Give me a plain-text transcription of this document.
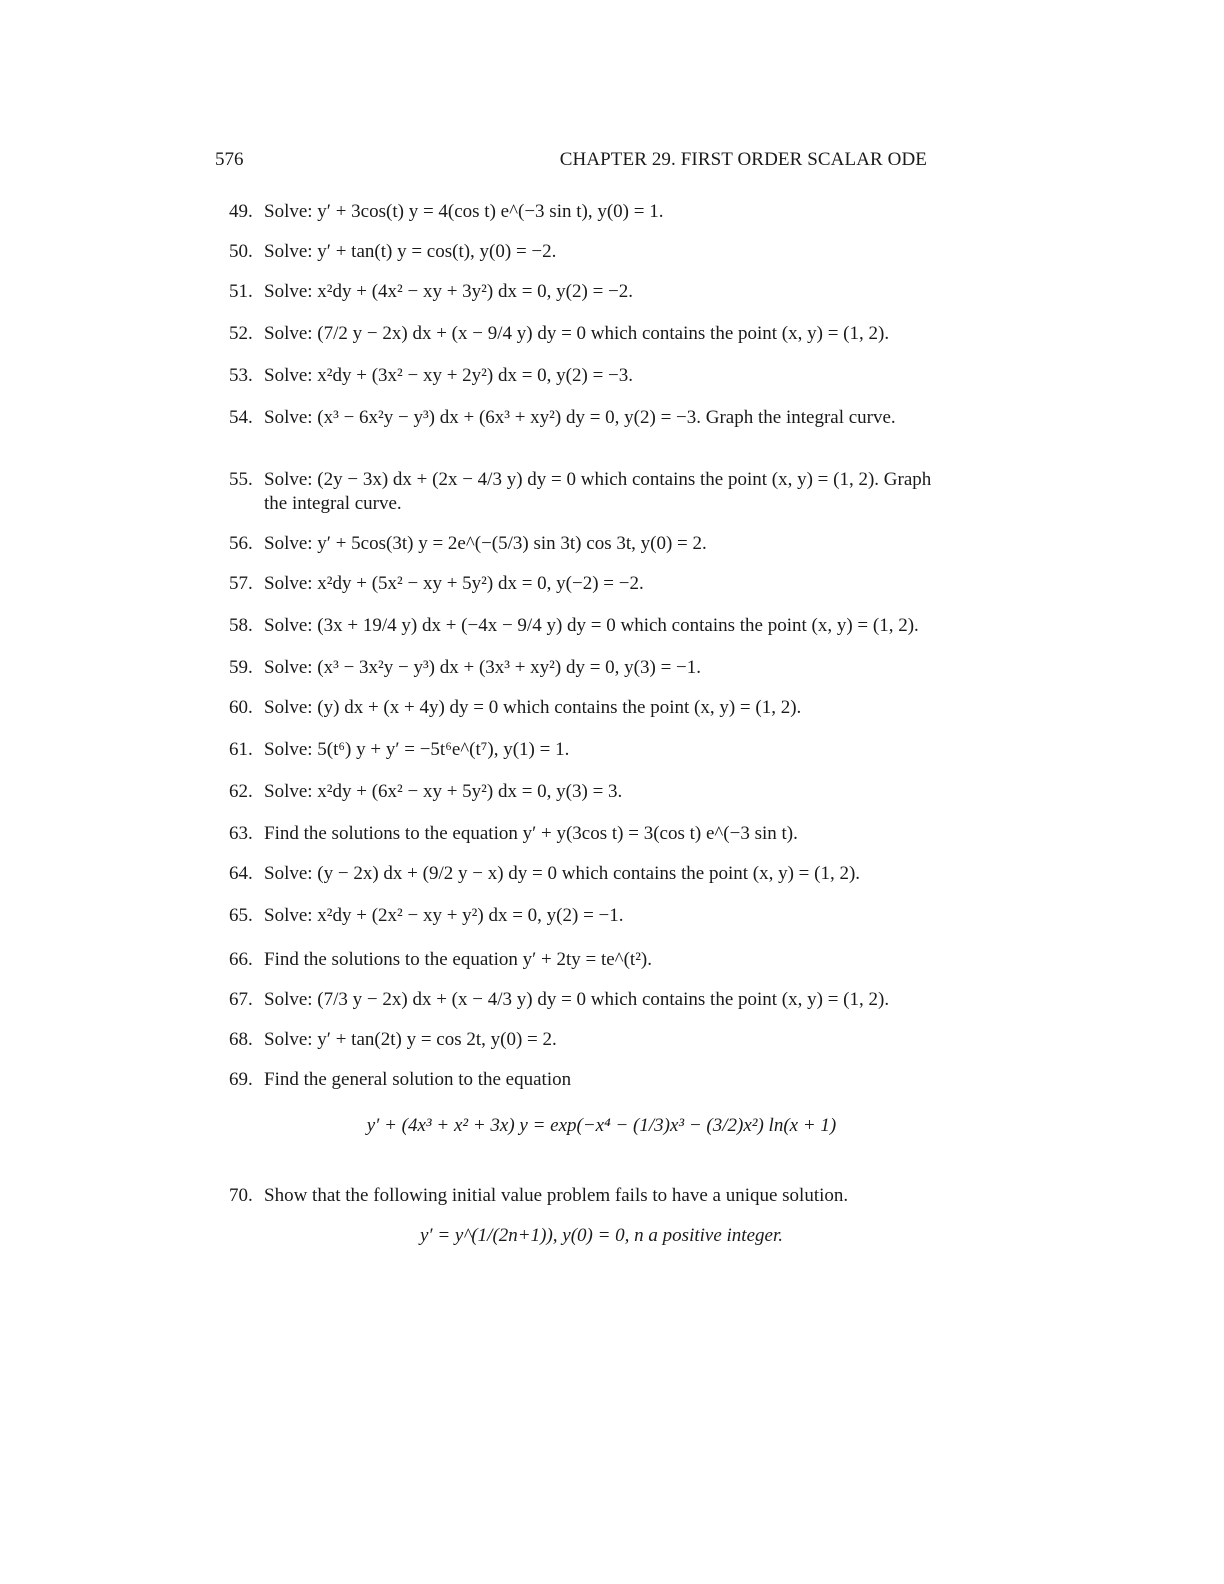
576	CHAPTER 29. FIRST ORDER SCALAR ODE
49. Solve: y′ + 3cos(t) y = 4(cos t) e^(−3 sin t), y(0) = 1.
50. Solve: y′ + tan(t) y = cos(t), y(0) = −2.
51. Solve: x²dy + (4x² − xy + 3y²) dx = 0, y(2) = −2.
52. Solve: (7/2 y − 2x) dx + (x − 9/4 y) dy = 0 which contains the point (x, y) = (1, 2).
53. Solve: x²dy + (3x² − xy + 2y²) dx = 0, y(2) = −3.
54. Solve: (x³ − 6x²y − y³) dx + (6x³ + xy²) dy = 0, y(2) = −3. Graph the integral curve.
55. Solve: (2y − 3x) dx + (2x − 4/3 y) dy = 0 which contains the point (x, y) = (1, 2). Graph the integral curve.
56. Solve: y′ + 5cos(3t) y = 2e^(−(5/3) sin 3t) cos 3t, y(0) = 2.
57. Solve: x²dy + (5x² − xy + 5y²) dx = 0, y(−2) = −2.
58. Solve: (3x + 19/4 y) dx + (−4x − 9/4 y) dy = 0 which contains the point (x, y) = (1, 2).
59. Solve: (x³ − 3x²y − y³) dx + (3x³ + xy²) dy = 0, y(3) = −1.
60. Solve: (y) dx + (x + 4y) dy = 0 which contains the point (x, y) = (1, 2).
61. Solve: 5(t⁶) y + y′ = −5t⁶e^(t⁷), y(1) = 1.
62. Solve: x²dy + (6x² − xy + 5y²) dx = 0, y(3) = 3.
63. Find the solutions to the equation y′ + y(3cos t) = 3(cos t) e^(−3 sin t).
64. Solve: (y − 2x) dx + (9/2 y − x) dy = 0 which contains the point (x, y) = (1, 2).
65. Solve: x²dy + (2x² − xy + y²) dx = 0, y(2) = −1.
66. Find the solutions to the equation y′ + 2ty = te^(t²).
67. Solve: (7/3 y − 2x) dx + (x − 4/3 y) dy = 0 which contains the point (x, y) = (1, 2).
68. Solve: y′ + tan(2t) y = cos 2t, y(0) = 2.
69. Find the general solution to the equation
y′ + (4x³ + x² + 3x) y = exp(−x⁴ − (1/3)x³ − (3/2)x²) ln(x + 1)
70. Show that the following initial value problem fails to have a unique solution.
y′ = y^(1/(2n+1)), y(0) = 0, n a positive integer.
